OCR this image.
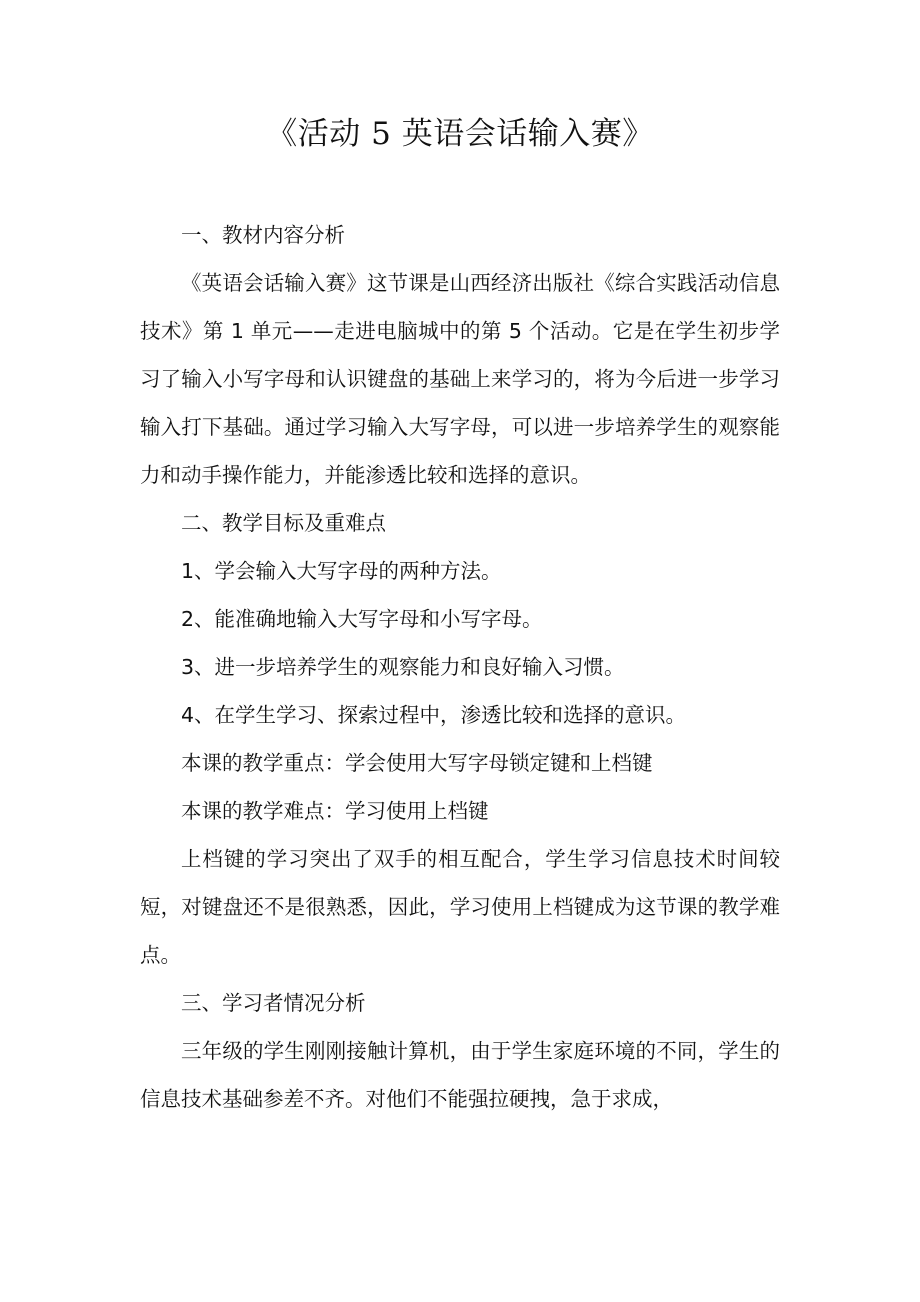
《活动 5 英语会话输入赛》

一、教材内容分析

《英语会话输入赛》这节课是山西经济出版社《综合实践活动信息技术》第 1 单元——走进电脑城中的第 5 个活动。它是在学生初步学习了输入小写字母和认识键盘的基础上来学习的，将为今后进一步学习输入打下基础。通过学习输入大写字母，可以进一步培养学生的观察能力和动手操作能力，并能渗透比较和选择的意识。

二、教学目标及重难点

1、学会输入大写字母的两种方法。

2、能准确地输入大写字母和小写字母。

3、进一步培养学生的观察能力和良好输入习惯。

4、在学生学习、探索过程中，渗透比较和选择的意识。

本课的教学重点：学会使用大写字母锁定键和上档键

本课的教学难点：学习使用上档键

上档键的学习突出了双手的相互配合，学生学习信息技术时间较短，对键盘还不是很熟悉，因此，学习使用上档键成为这节课的教学难点。

三、学习者情况分析

三年级的学生刚刚接触计算机，由于学生家庭环境的不同，学生的信息技术基础参差不齐。对他们不能强拉硬拽，急于求成，
